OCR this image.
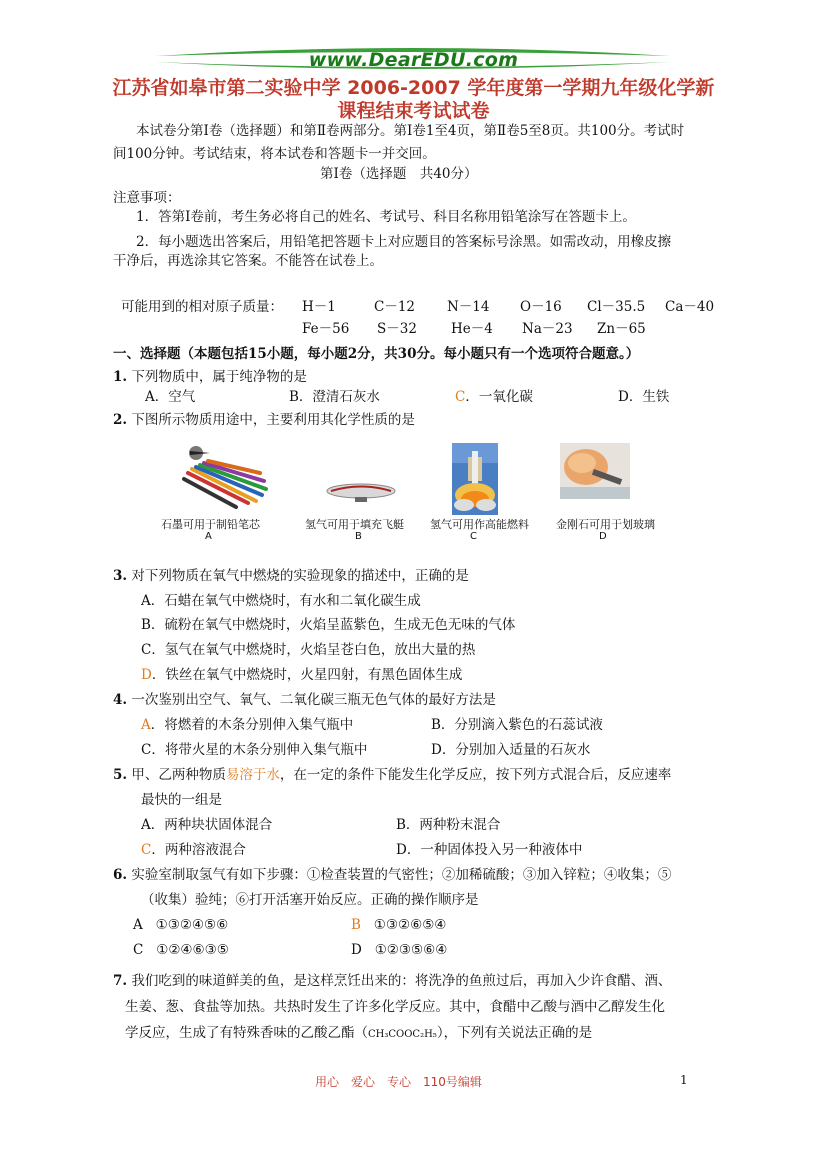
www.DearEDU.com
江苏省如皋市第二实验中学 2006-2007 学年度第一学期九年级化学新
课程结束考试试卷
本试卷分第Ⅰ卷（选择题）和第Ⅱ卷两部分。第Ⅰ卷1至4页，第Ⅱ卷5至8页。共100分。考试时
间100分钟。考试结束，将本试卷和答题卡一并交回。
第Ⅰ卷（选择题　共40分）
注意事项：
1．答第Ⅰ卷前，考生务必将自己的姓名、考试号、科目名称用铅笔涂写在答题卡上。
2．每小题选出答案后，用铅笔把答题卡上对应题目的答案标号涂黑。如需改动，用橡皮擦
干净后，再选涂其它答案。不能答在试卷上。
可能用到的相对原子质量： H－1	C－12 N－14 O－16 Cl－35.5 Ca－40
Fe－56 S－32	He－4 Na－23 Zn－65
一、选择题（本题包括15小题，每小题2分，共30分。每小题只有一个选项符合题意。）
1. 下列物质中，属于纯净物的是
A．空气	B．澄清石灰水	C．一氧化碳	D．生铁
2. 下图所示物质用途中，主要利用其化学性质的是
石墨可用于制铅笔芯	氢气可用于填充飞艇 氢气可用作高能燃料 金刚石可用于划玻璃
A	B	C	D
3. 对下列物质在氧气中燃烧的实验现象的描述中，正确的是
A．石蜡在氧气中燃烧时，有水和二氧化碳生成
B．硫粉在氧气中燃烧时，火焰呈蓝紫色，生成无色无味的气体
C．氢气在氧气中燃烧时，火焰呈苍白色，放出大量的热
D．铁丝在氧气中燃烧时，火星四射，有黑色固体生成
4. 一次鉴别出空气、氧气、二氧化碳三瓶无色气体的最好方法是
A．将燃着的木条分别伸入集气瓶中	B．分别滴入紫色的石蕊试液
C．将带火星的木条分别伸入集气瓶中	D．分别加入适量的石灰水
5. 甲、乙两种物质易溶于水，在一定的条件下能发生化学反应，按下列方式混合后，反应速率
最快的一组是
A．两种块状固体混合	B．两种粉末混合
C．两种溶液混合	D．一种固体投入另一种液体中
6. 实验室制取氢气有如下步骤：①检查装置的气密性；②加稀硫酸；③加入锌粒；④收集；⑤
（收集）验纯；⑥打开活塞开始反应。正确的操作顺序是
A ①③②④⑤⑥	B ①③②⑥⑤④
C ①②④⑥③⑤	D ①②③⑤⑥④
7. 我们吃到的味道鲜美的鱼，是这样烹饪出来的：将洗净的鱼煎过后，再加入少许食醋、酒、
生姜、葱、食盐等加热。共热时发生了许多化学反应。其中，食醋中乙酸与酒中乙醇发生化
学反应，生成了有特殊香味的乙酸乙酯（CH₃COOC₂H₅），下列有关说法正确的是
用心　爱心　专心　110号编辑	1
